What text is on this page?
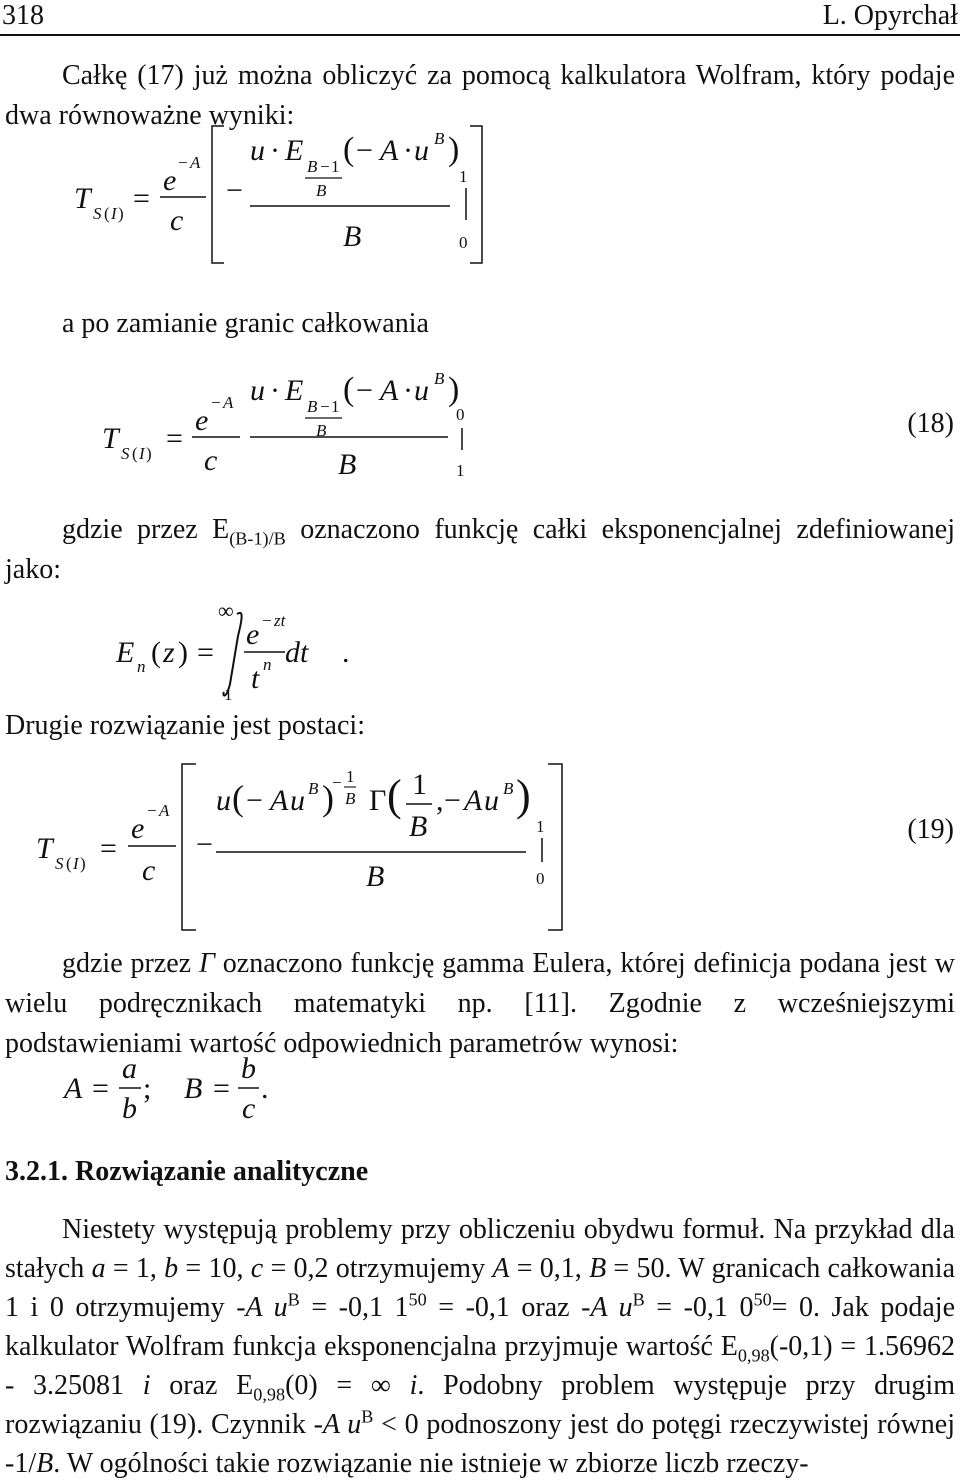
318	L. Opyrchał
Całkę (17) już można obliczyć za pomocą kalkulatora Wolfram, który podaje dwa równoważne wyniki:
T S ( I ) =
e
− A
c
−
u · E B − 1
B
( − A · u B )
B
1
0
a po zamianie granic całkowania
T S ( I ) =
e
− A
c
u · E B − 1
B
( − A · u B )
B
0
1
(18)
gdzie przez $E_{(B-1)/B}$ oznaczono funkcję całki eksponencjalnej zdefiniowanej jako:
E n ( z ) =
∞
1
e − zt
t n dt .
Drugie rozwiązanie jest postaci:
T S ( I ) =
e
− A
c
−
u ( − A u B )
− 1
B Γ ( 1
B
, − A u B )
B
1
0
(19)
gdzie przez Γ oznaczono funkcję gamma Eulera, której definicja podana jest w wielu podręcznikach matematyki np. [11]. Zgodnie z wcześniejszymi podstawieniami wartość odpowiednich parametrów wynosi:
A =
a
b
; B =
b
c
.
3.2.1. Rozwiązanie analityczne
Niestety występują problemy przy obliczeniu obydwu formuł. Na przykład dla stałych a = 1, b = 10, c = 0,2 otrzymujemy A = 0,1, B = 50. W granicach całkowania 1 i 0 otrzymujemy -A $u^B = -0,1$ $1^{50} = -0,1$ oraz -A $u^B = -0,1$ $0^{50}= 0$. Jak podaje kalkulator Wolfram funkcja eksponencjalna przyjmuje wartość $E_{0,98}(-0,1) = 1.56962 - 3.25081$ i oraz $E_{0,98}(0)$ = ∞ i. Podobny problem występuje przy drugim rozwiązaniu (19). Czynnik -A $u^B < 0$ podnoszony jest do potęgi rzeczywistej równej -1/B. W ogólności takie rozwiązanie nie istnieje w zbiorze liczb rzeczy-
